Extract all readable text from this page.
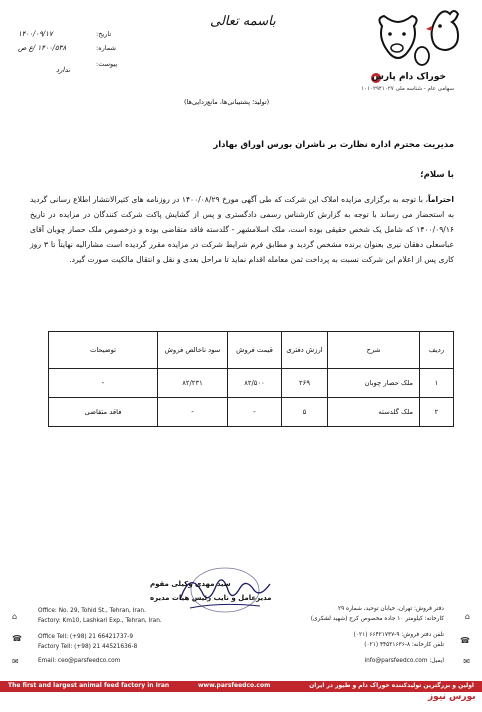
خوراک دام پارس
سهامی عام - شناسه ملی ۱۰۱۰۲۹۴۱۰۲۷
باسمه تعالی
تاریخ:
۱۴۰۰/۰۹/۱۷
شماره:
۱۴۰۰/۵۳۸ /ع ص
پیوست:
ندارد
(تولید؛ پشتیبانی‌ها، مانع‌زدایی‌ها)
مدیریت محترم اداره نظارت بر ناشران بورس اوراق بهادار
با سلام؛
احتراماً، با توجه به برگزاری مزایده املاک این شرکت که طی آگهی مورخ ۱۴۰۰/۰۸/۲۹ در روزنامه های کثیرالانتشار اطلاع رسانی گردید به استحضار می رساند با توجه به گزارش کارشناس رسمی دادگستری و پس از گشایش پاکت شرکت کنندگان در مزایده در تاریخ ۱۴۰۰/۰۹/۱۶ که شامل یک شخص حقیقی بوده است، ملک اسلامشهر - گلدسته فاقد متقاضی بوده و درخصوص ملک حصار چوبان آقای عباسعلی دهقان نیری بعنوان برنده مشخص گردید و مطابق فرم شرایط شرکت در مزایده مقرر گردیده است مشارالیه نهایتاً تا ۳ روز کاری پس از اعلام این شرکت نسبت به پرداخت ثمن معامله اقدام نماید تا مراحل بعدی و نقل و انتقال مالکیت صورت گیرد.
ردیف	شرح	ارزش دفتری	قیمت فروش	سود ناخالص فروش	توضیحات
۱	ملک حصار چوبان	۲۶۹	۸۲/۵۰۰	۸۲/۲۳۱	-
۲	ملک گلدسته	۵	-	-	فاقد متقاضی
سید مهدی وکیلی مقوم
مدیرعامل و نایب رئیس هیات مدیره
⌂
Office: No. 29, Tohid St., Tehran, Iran.
Factory: Km10, Lashkari Exp., Tehran, Iran.
☎	Office Tell: (+98) 21 66421737-9
Factory Tell: (+98) 21 44521636-8
✉	Email: ceo@parsfeedco.com
دفتر فروش: تهران، خیابان توحید، شماره ۲۹
کارخانه: کیلومتر ۱۰ جاده مخصوص کرج (شهید لشکری)	⌂
تلفن دفتر فروش: ۹-۶۶۴۲۱۷۳۷ (۰۲۱)
تلفن کارخانه: ۸-۴۴۵۲۱۶۳۶ (۰۲۱) ☎
ایمیل: info@parsfeedco.com ✉
The first and largest animal feed factory in Iran	www.parsfeedco.com	اولین و بزرگترین تولیدکننده خوراک دام و طیور در ایران
بورس نیوز
